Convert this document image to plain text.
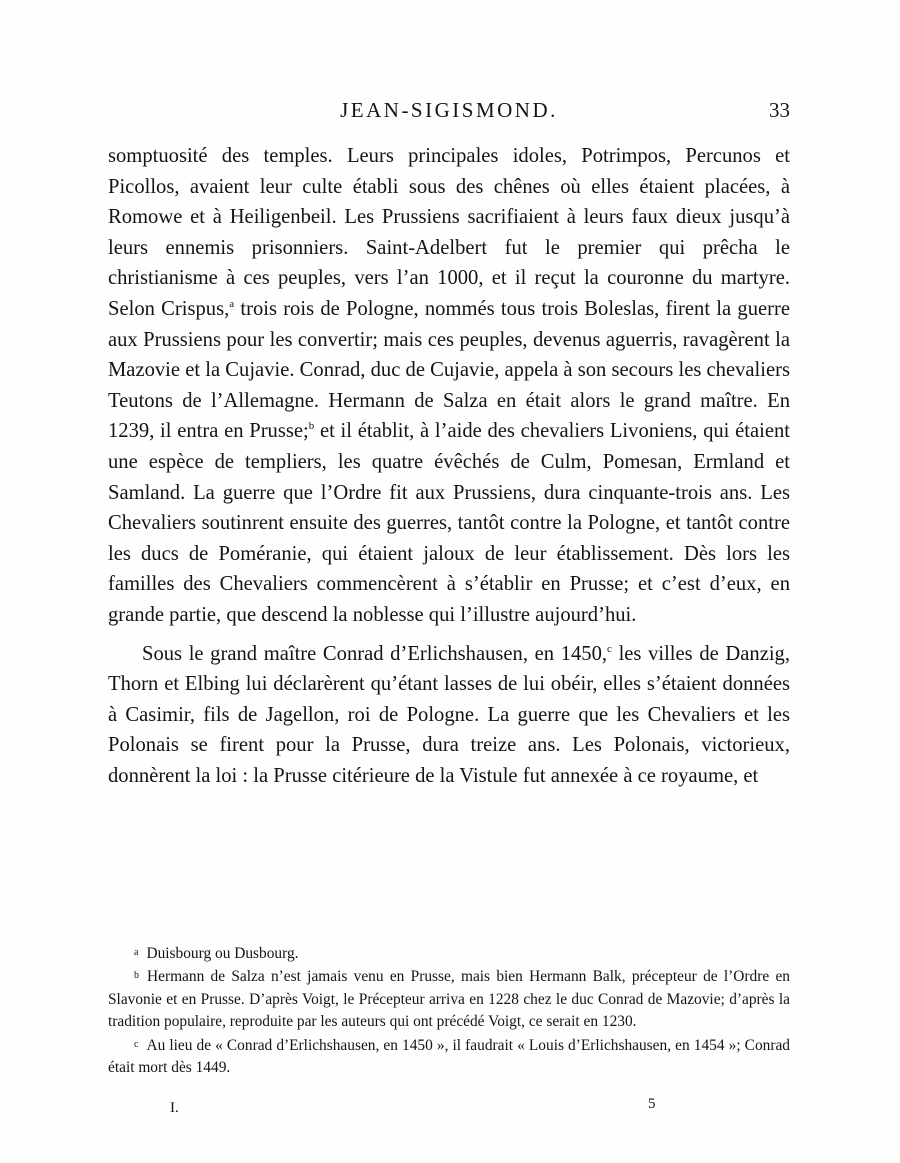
JEAN-SIGISMOND.	33

somptuosité des temples. Leurs principales idoles, Potrimpos, Percunos et Picollos, avaient leur culte établi sous des chênes où elles étaient placées, à Romowe et à Heiligenbeil. Les Prussiens sacrifiaient à leurs faux dieux jusqu’à leurs ennemis prisonniers. Saint-Adelbert fut le premier qui prêcha le christianisme à ces peuples, vers l’an 1000, et il reçut la couronne du martyre. Selon Crispus,$^a$ trois rois de Pologne, nommés tous trois Boleslas, firent la guerre aux Prussiens pour les convertir; mais ces peuples, devenus aguerris, ravagèrent la Mazovie et la Cujavie. Conrad, duc de Cujavie, appela à son secours les chevaliers Teutons de l’Allemagne. Hermann de Salza en était alors le grand maître. En 1239, il entra en Prusse;$^b$ et il établit, à l’aide des chevaliers Livoniens, qui étaient une espèce de templiers, les quatre évêchés de Culm, Pomesan, Ermland et Samland. La guerre que l’Ordre fit aux Prussiens, dura cinquante-trois ans. Les Chevaliers soutinrent ensuite des guerres, tantôt contre la Pologne, et tantôt contre les ducs de Poméranie, qui étaient jaloux de leur établissement. Dès lors les familles des Chevaliers commencèrent à s’établir en Prusse; et c’est d’eux, en grande partie, que descend la noblesse qui l’illustre aujourd’hui.

Sous le grand maître Conrad d’Erlichshausen, en 1450,$^c$ les villes de Danzig, Thorn et Elbing lui déclarèrent qu’étant lasses de lui obéir, elles s’étaient données à Casimir, fils de Jagellon, roi de Pologne. La guerre que les Chevaliers et les Polonais se firent pour la Prusse, dura treize ans. Les Polonais, victorieux, donnèrent la loi : la Prusse citérieure de la Vistule fut annexée à ce royaume, et

a Duisbourg ou Dusbourg.

b Hermann de Salza n’est jamais venu en Prusse, mais bien Hermann Balk, précepteur de l’Ordre en Slavonie et en Prusse. D’après Voigt, le Précepteur arriva en 1228 chez le duc Conrad de Mazovie; d’après la tradition populaire, reproduite par les auteurs qui ont précédé Voigt, ce serait en 1230.

c Au lieu de « Conrad d’Erlichshausen, en 1450 », il faudrait « Louis d’Erlichshausen, en 1454 »; Conrad était mort dès 1449.

I.	5
